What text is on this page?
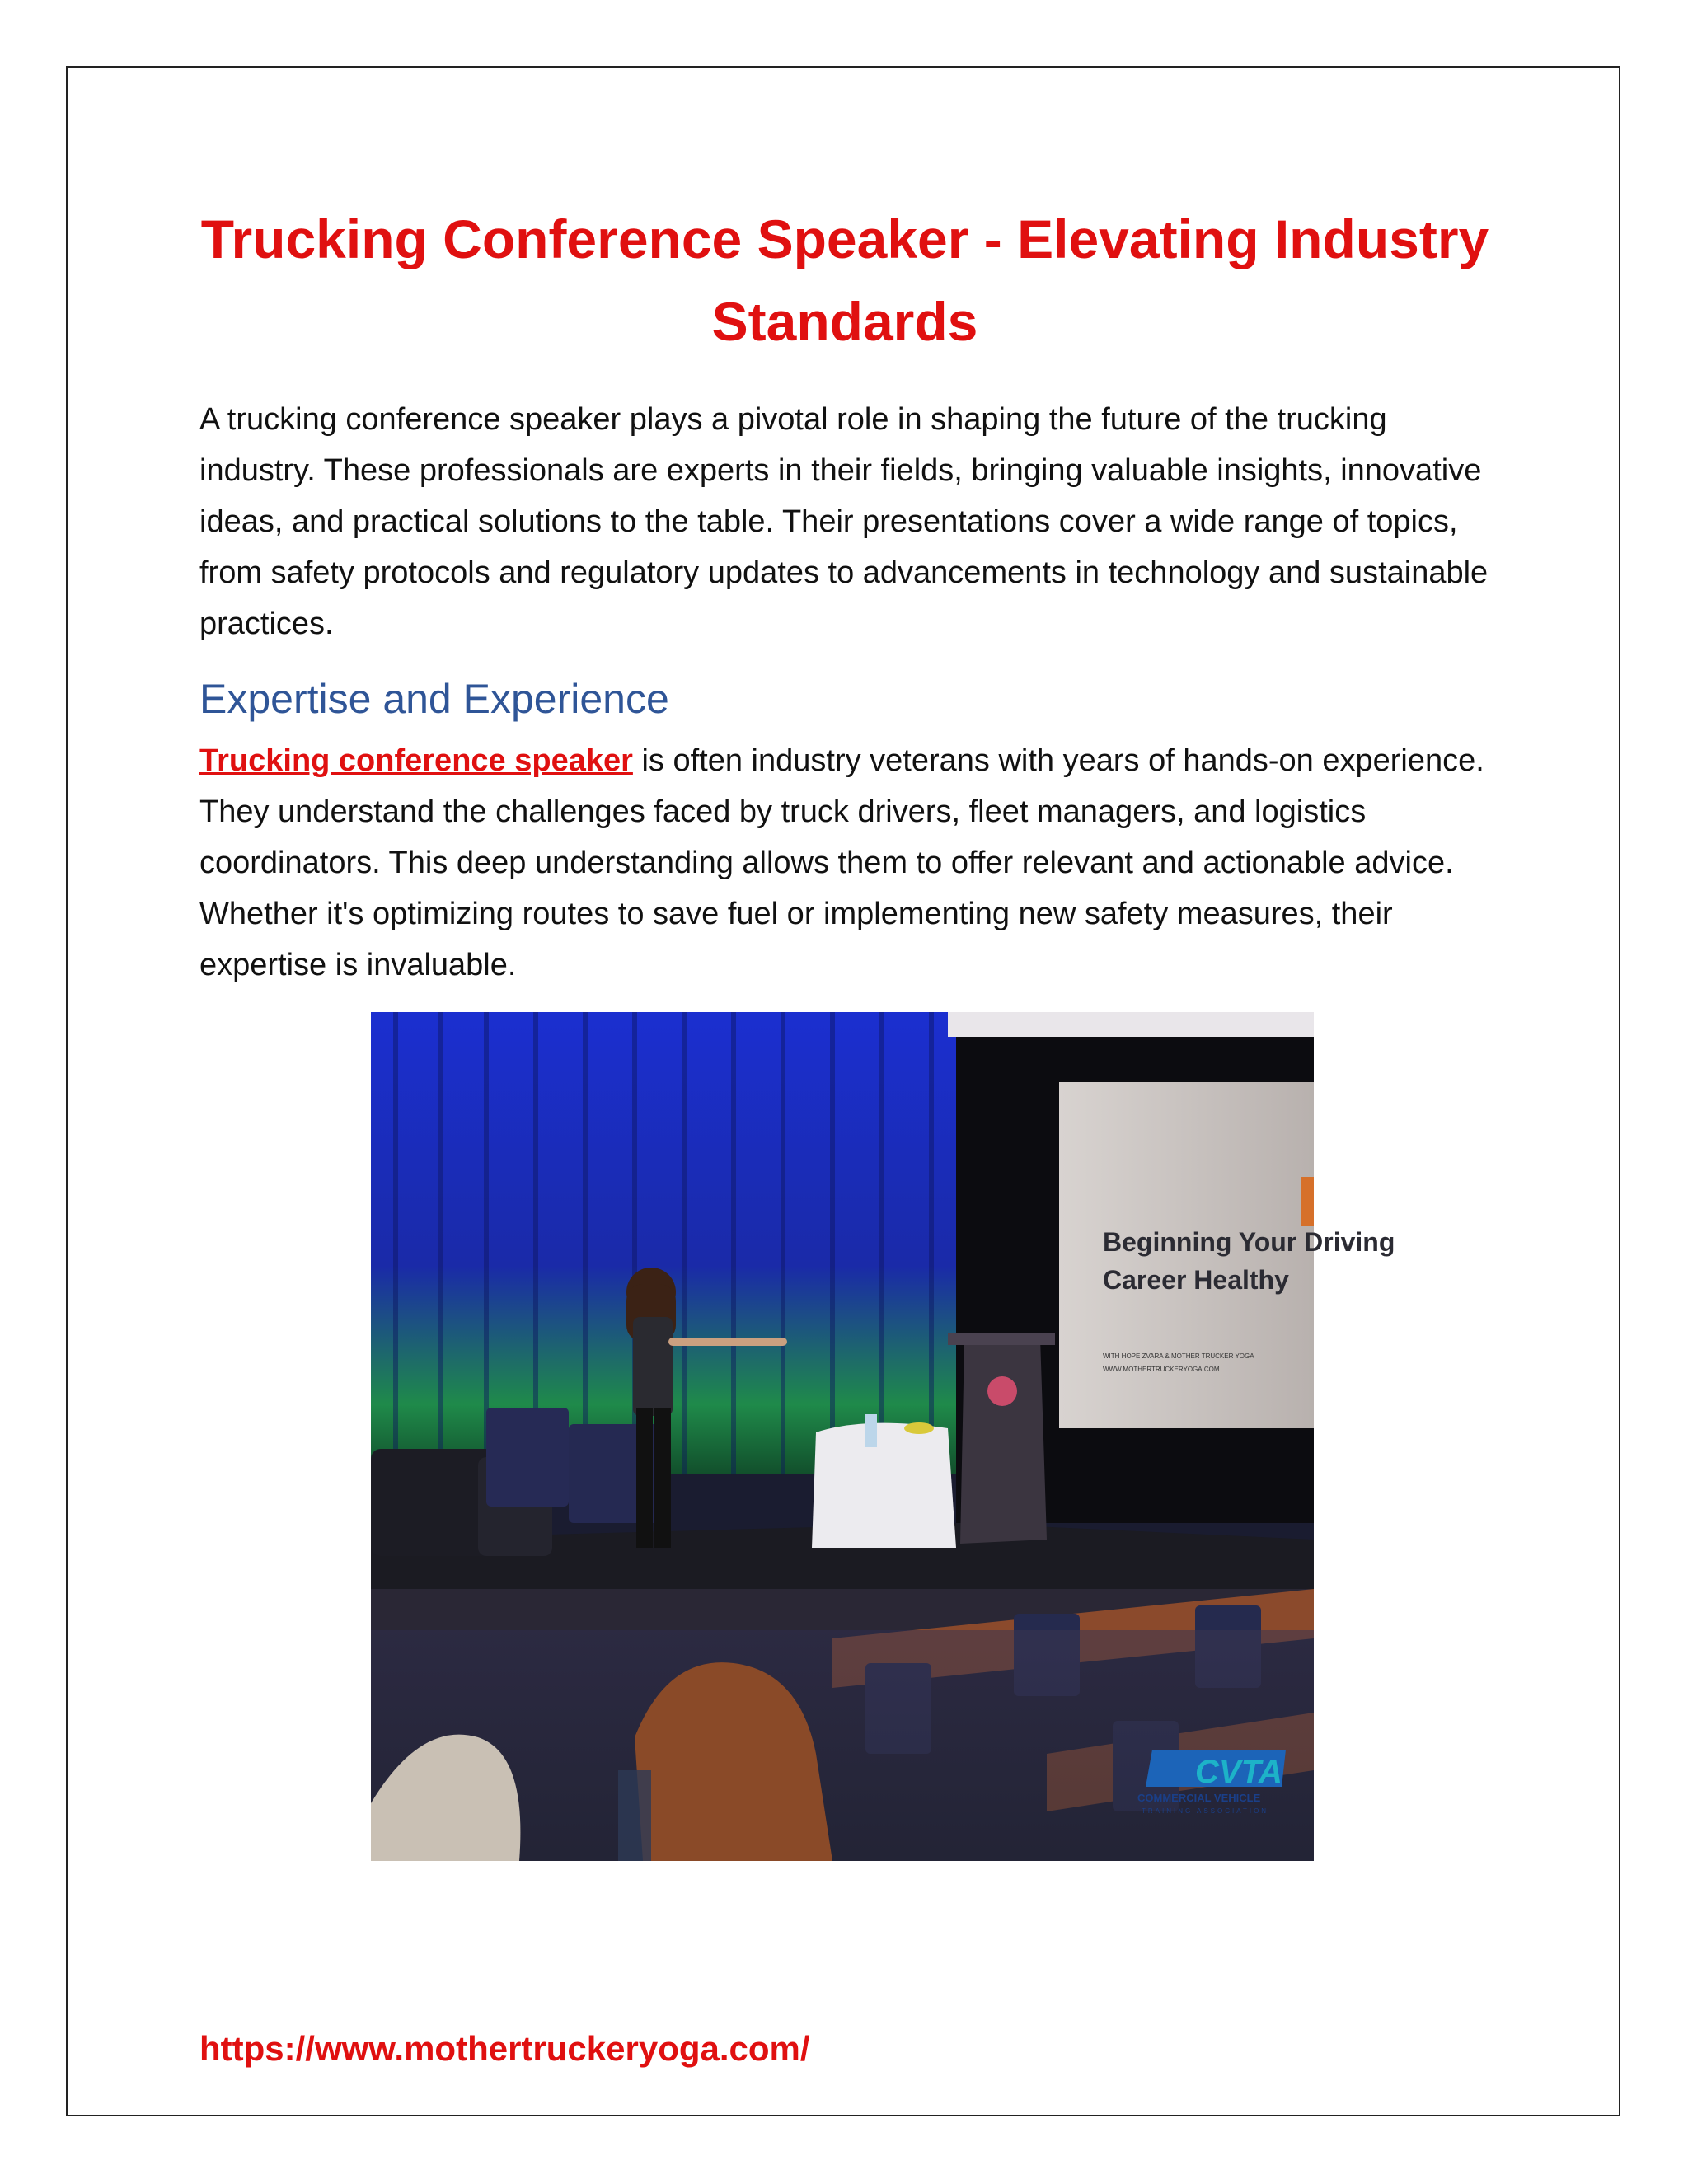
Trucking Conference Speaker - Elevating Industry Standards

A trucking conference speaker plays a pivotal role in shaping the future of the trucking industry. These professionals are experts in their fields, bringing valuable insights, innovative ideas, and practical solutions to the table. Their presentations cover a wide range of topics, from safety protocols and regulatory updates to advancements in technology and sustainable practices.

Expertise and Experience

Trucking conference speaker is often industry veterans with years of hands-on experience. They understand the challenges faced by truck drivers, fleet managers, and logistics coordinators. This deep understanding allows them to offer relevant and actionable advice. Whether it's optimizing routes to save fuel or implementing new safety measures, their expertise is invaluable.

Beginning Your Driving
Career Healthy
WITH HOPE ZVARA & MOTHER TRUCKER YOGA
WWW.MOTHERTRUCKERYOGA.COM
CVTA
COMMERCIAL VEHICLE
TRAINING ASSOCIATION

https://www.mothertruckeryoga.com/
